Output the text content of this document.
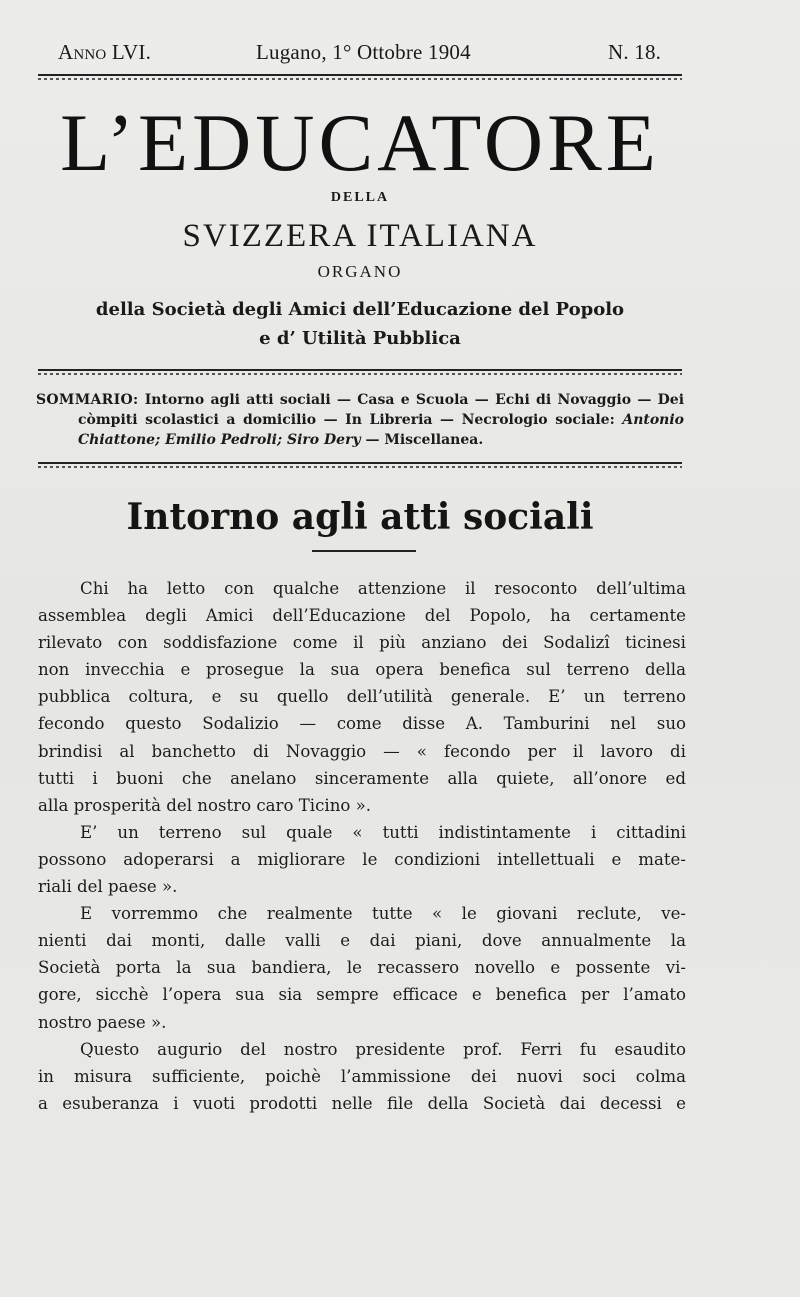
Anno LVI.	Lugano, 1° Ottobre 1904	N. 18.
L’EDUCATORE
DELLA
SVIZZERA ITALIANA
ORGANO
della Società degli Amici dell’Educazione del Popolo
e d’ Utilità Pubblica
SOMMARIO: Intorno agli atti sociali — Casa e Scuola — Echi di Novaggio — Dei
còmpiti scolastici a domicilio — In Libreria — Necrologio sociale: Antonio
Chiattone; Emilio Pedroli; Siro Dery — Miscellanea.
Intorno agli atti sociali

Chi ha letto con qualche attenzione il resoconto dell’ultima
assemblea degli Amici dell’Educazione del Popolo, ha certamente
rilevato con soddisfazione come il più anziano dei Sodalizî ticinesi
non invecchia e prosegue la sua opera benefica sul terreno della
pubblica coltura, e su quello dell’utilità generale. E’ un terreno
fecondo questo Sodalizio — come disse A. Tamburini nel suo
brindisi al banchetto di Novaggio — « fecondo per il lavoro di
tutti i buoni che anelano sinceramente alla quiete, all’onore ed
alla prosperità del nostro caro Ticino ».

E’ un terreno sul quale « tutti indistintamente i cittadini
possono adoperarsi a migliorare le condizioni intellettuali e mate-
riali del paese ».

E vorremmo che realmente tutte « le giovani reclute, ve-
nienti dai monti, dalle valli e dai piani, dove annualmente la
Società porta la sua bandiera, le recassero novello e possente vi-
gore, sicchè l’opera sua sia sempre efficace e benefica per l’amato
nostro paese ».

Questo augurio del nostro presidente prof. Ferri fu esaudito
in misura sufficiente, poichè l’ammissione dei nuovi soci colma
a esuberanza i vuoti prodotti nelle file della Società dai decessi e
